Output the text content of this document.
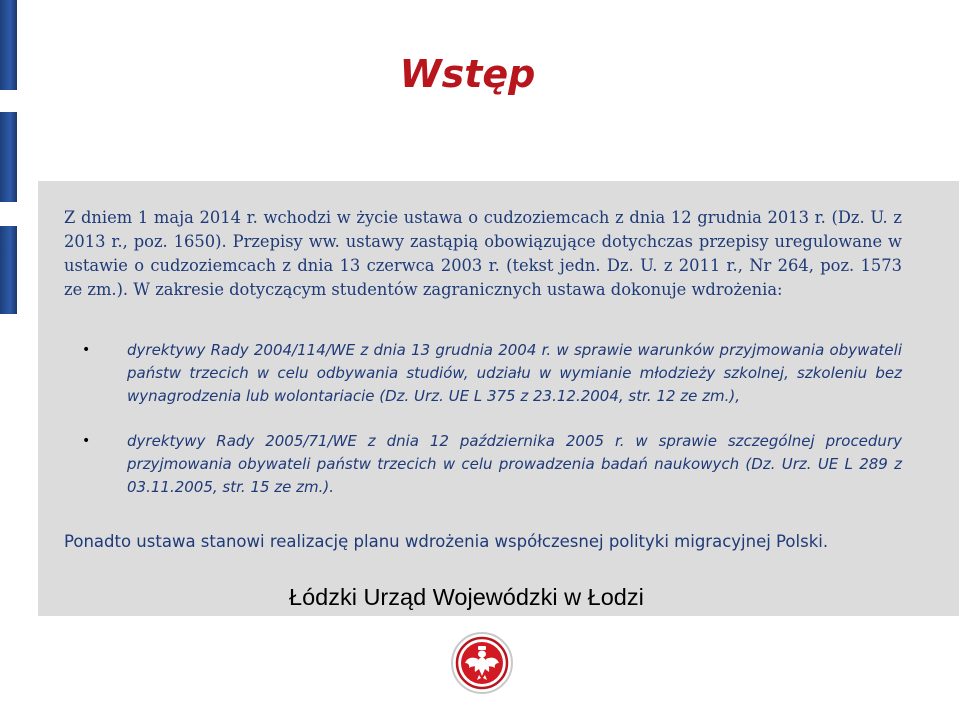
Wstęp

Z dniem 1 maja 2014 r. wchodzi w życie ustawa o cudzoziemcach z dnia 12 grudnia 2013 r. (Dz. U. z 2013 r., poz. 1650). Przepisy ww. ustawy zastąpią obowiązujące dotychczas przepisy uregulowane w ustawie o cudzoziemcach z dnia 13 czerwca 2003 r. (tekst jedn. Dz. U. z 2011 r., Nr 264, poz. 1573 ze zm.). W zakresie dotyczącym studentów zagranicznych ustawa dokonuje wdrożenia:

• dyrektywy Rady 2004/114/WE z dnia 13 grudnia 2004 r. w sprawie warunków przyjmowania obywateli państw trzecich w celu odbywania studiów, udziału w wymianie młodzieży szkolnej, szkoleniu bez wynagrodzenia lub wolontariacie (Dz. Urz. UE L 375 z 23.12.2004, str. 12 ze zm.),
• dyrektywy Rady 2005/71/WE z dnia 12 października 2005 r. w sprawie szczególnej procedury przyjmowania obywateli państw trzecich w celu prowadzenia badań naukowych (Dz. Urz. UE L 289 z 03.11.2005, str. 15 ze zm.).

Ponadto ustawa stanowi realizację planu wdrożenia współczesnej polityki migracyjnej Polski.

Łódzki Urząd Wojewódzki w Łodzi
